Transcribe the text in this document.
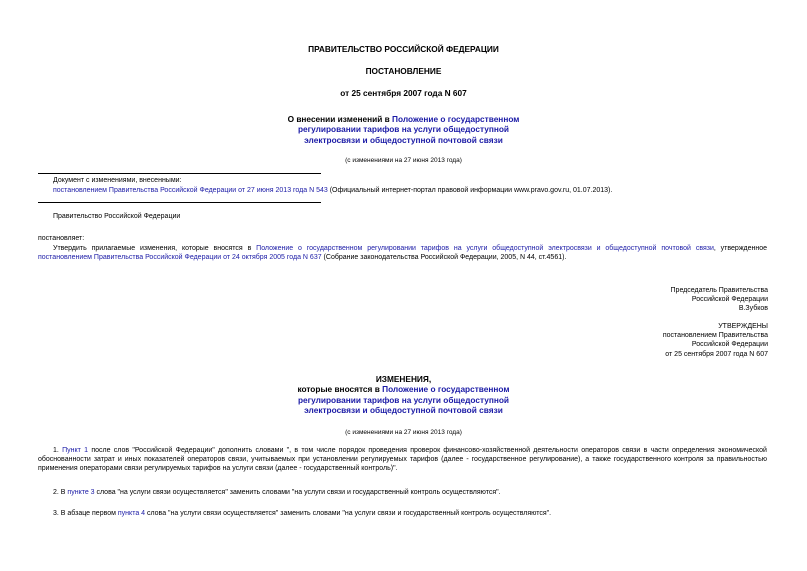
ПРАВИТЕЛЬСТВО РОССИЙСКОЙ ФЕДЕРАЦИИ
ПОСТАНОВЛЕНИЕ
от 25 сентября 2007 года N 607
О внесении изменений в Положение о государственном
регулировании тарифов на услуги общедоступной
электросвязи и общедоступной почтовой связи
(с изменениями на 27 июня 2013 года)
Документ с изменениями, внесенными:
постановлением Правительства Российской Федерации от 27 июня 2013 года N 543 (Официальный интернет-портал правовой информации www.pravo.gov.ru, 01.07.2013).
Правительство Российской Федерации
постановляет:
Утвердить прилагаемые изменения, которые вносятся в Положение о государственном регулировании тарифов на услуги общедоступной электросвязи и общедоступной почтовой связи, утвержденное постановлением Правительства Российской Федерации от 24 октября 2005 года N 637 (Собрание законодательства Российской Федерации, 2005, N 44, ст.4561).
Председатель Правительства
Российской Федерации
В.Зубков
УТВЕРЖДЕНЫ
постановлением Правительства
Российской Федерации
от 25 сентября 2007 года N 607
ИЗМЕНЕНИЯ,
которые вносятся в Положение о государственном
регулировании тарифов на услуги общедоступной
электросвязи и общедоступной почтовой связи
(с изменениями на 27 июня 2013 года)
1. Пункт 1 после слов "Российской Федерации" дополнить словами ", в том числе порядок проведения проверок финансово-хозяйственной деятельности операторов связи в части определения экономической обоснованности затрат и иных показателей операторов связи, учитываемых при установлении регулируемых тарифов (далее - государственное регулирование), а также государственного контроля за правильностью применения операторами связи регулируемых тарифов на услуги связи (далее - государственный контроль)".
2. В пункте 3 слова "на услуги связи осуществляется" заменить словами "на услуги связи и государственный контроль осуществляются".
3. В абзаце первом пункта 4 слова "на услуги связи осуществляется" заменить словами "на услуги связи и государственный контроль осуществляются".
